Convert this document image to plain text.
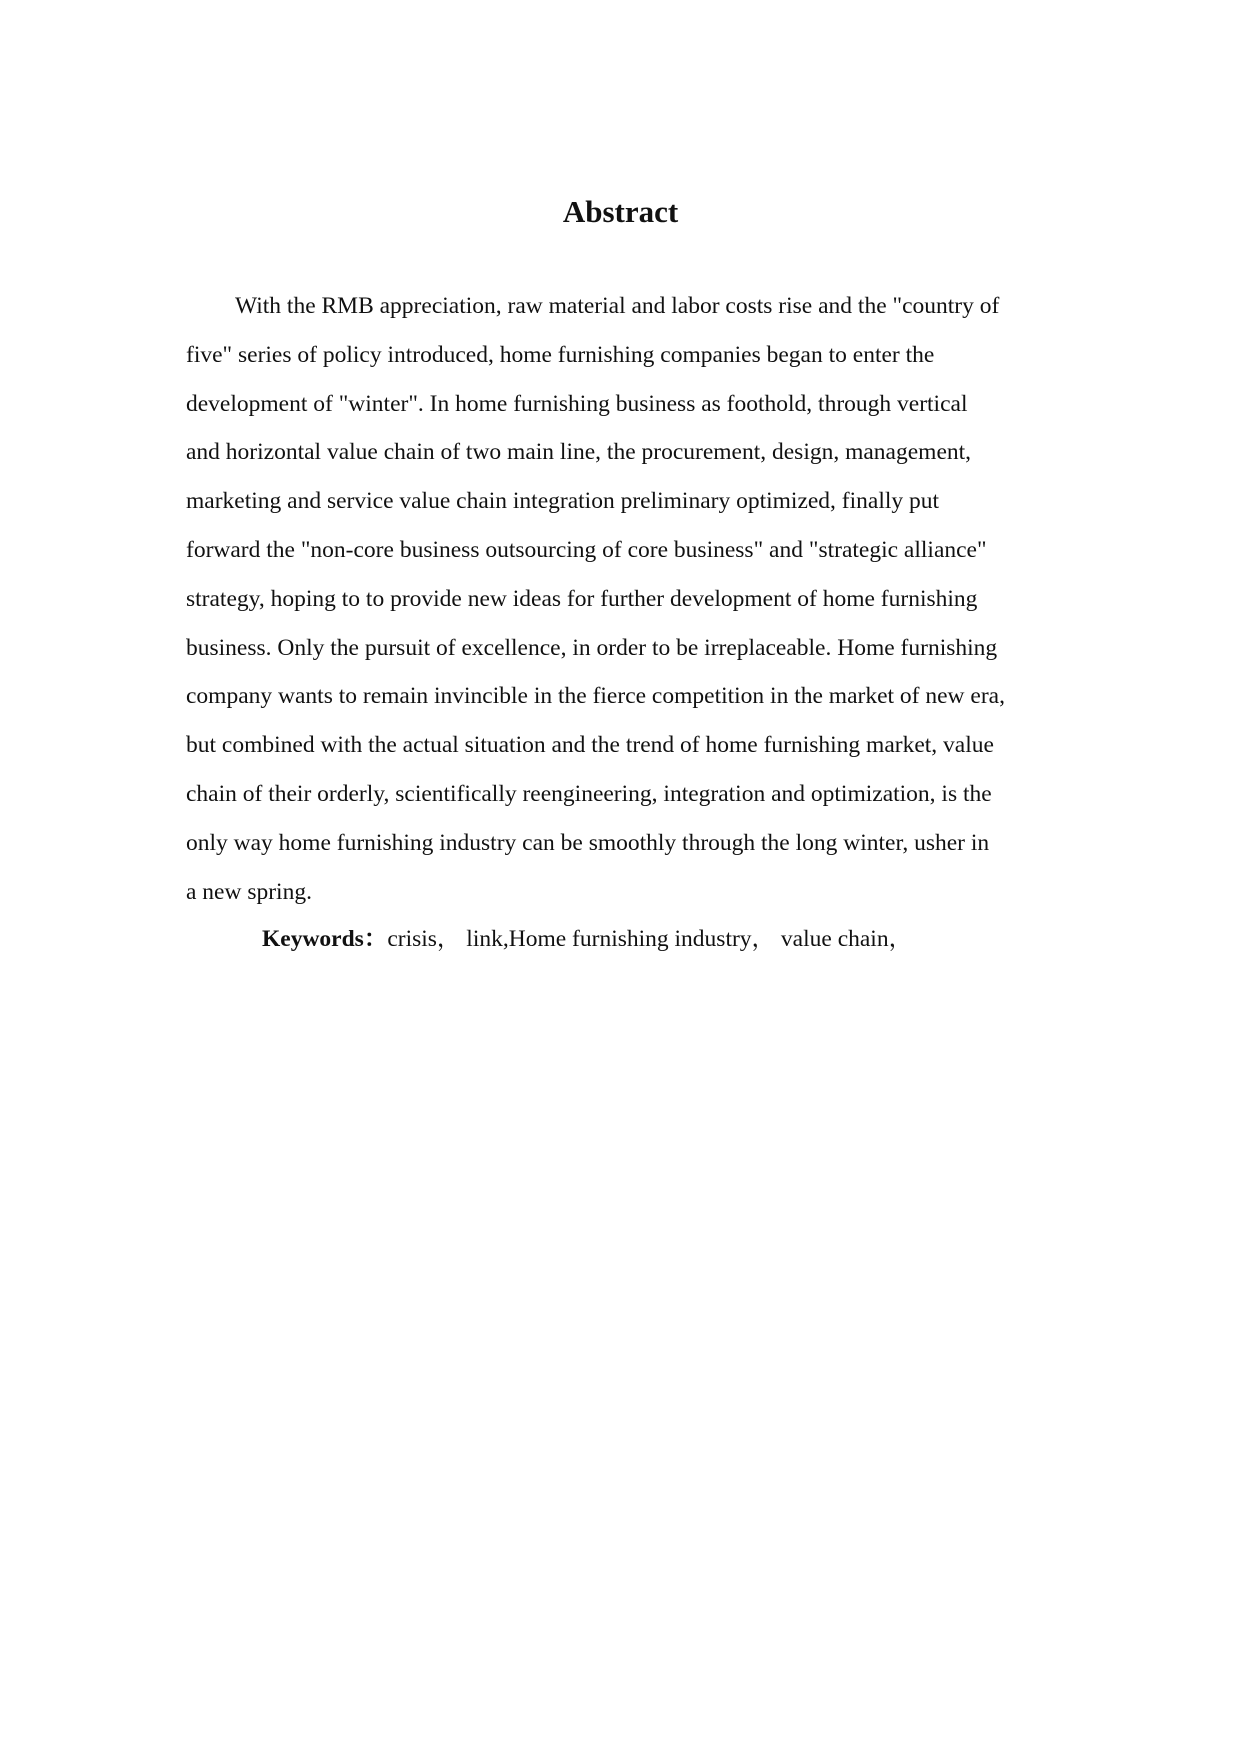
Abstract
With the RMB appreciation, raw material and labor costs rise and the "country of
five" series of policy introduced, home furnishing companies began to enter the
development of "winter". In home furnishing business as foothold, through vertical
and horizontal value chain of two main line, the procurement, design, management,
marketing and service value chain integration preliminary optimized, finally put
forward the "non-core business outsourcing of core business" and "strategic alliance"
strategy, hoping to to provide new ideas for further development of home furnishing
business. Only the pursuit of excellence, in order to be irreplaceable. Home furnishing
company wants to remain invincible in the fierce competition in the market of new era,
but combined with the actual situation and the trend of home furnishing market, value
chain of their orderly, scientifically reengineering, integration and optimization, is the
only way home furnishing industry can be smoothly through the long winter, usher in
a new spring.
Keywords：crisis， link,Home furnishing industry， value chain，
